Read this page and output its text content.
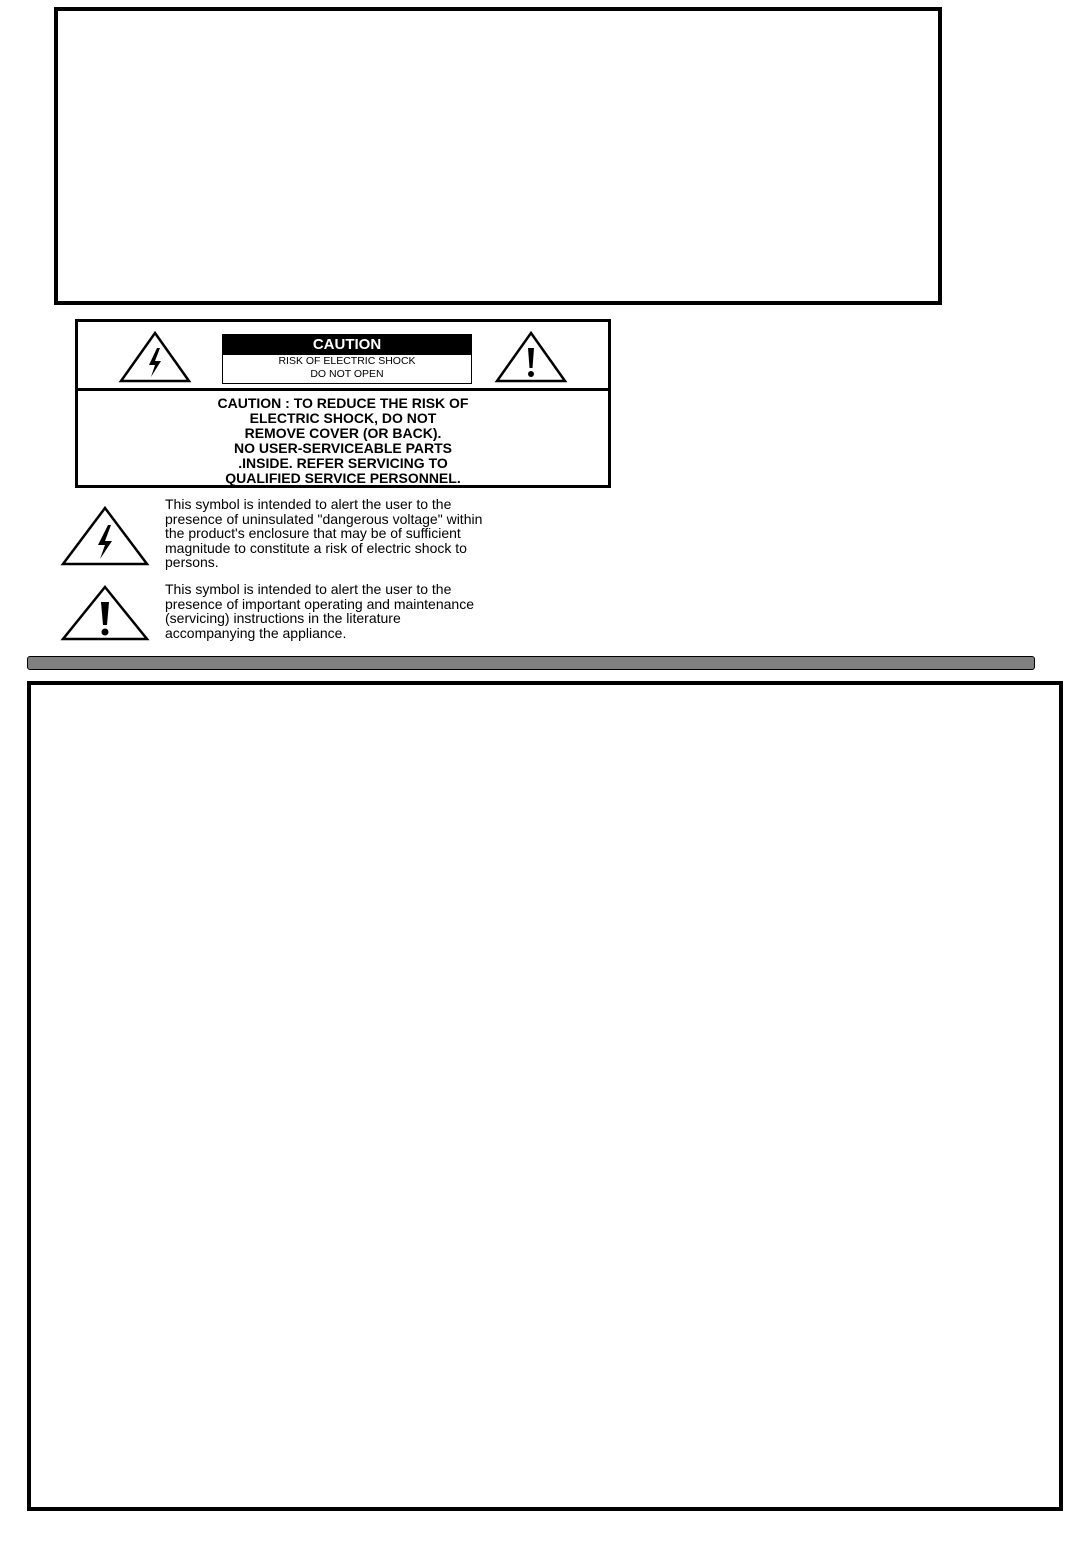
CAUTION
RISK OF ELECTRIC SHOCK
DO NOT OPEN
CAUTION : TO REDUCE THE RISK OF
ELECTRIC SHOCK, DO NOT
REMOVE COVER (OR BACK).
NO USER-SERVICEABLE PARTS
.INSIDE. REFER SERVICING TO
QUALIFIED SERVICE PERSONNEL.
This symbol is intended to alert the user to the
presence of uninsulated "dangerous voltage" within
the product's enclosure that may be of sufficient
magnitude to constitute a risk of electric shock to
persons.
This symbol is intended to alert the user to the
presence of important operating and maintenance
(servicing) instructions in the literature
accompanying the appliance.
